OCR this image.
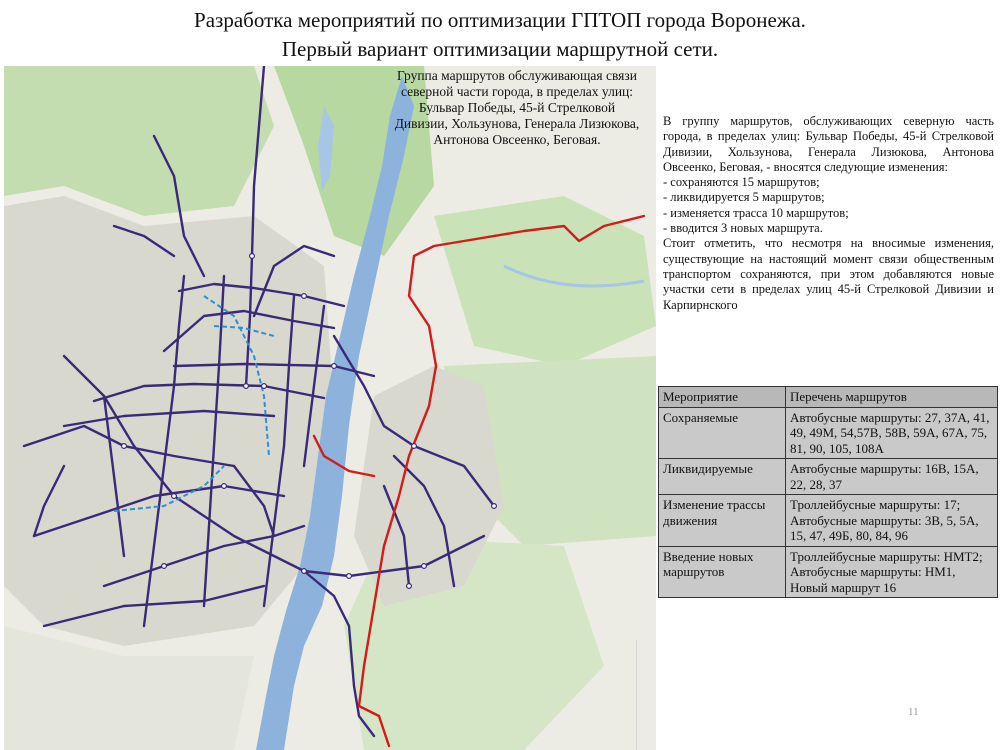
Разработка мероприятий по оптимизации ГПТОП города Воронежа.
Первый вариант оптимизации маршрутной сети.
Группа маршрутов обслуживающая связи
северной части города, в пределах улиц:
Бульвар Победы, 45-й Стрелковой
Дивизии, Хользунова, Генерала Лизюкова,
Антонова Овсеенко, Беговая.

В группу маршрутов, обслуживающих северную часть города, в пределах улиц: Бульвар Победы, 45-й Стрелковой Дивизии, Хользунова, Генерала Лизюкова, Антонова Овсеенко, Беговая, - вносятся следующие изменения:

- сохраняются 15 маршрутов;

- ликвидируется 5 маршрутов;

- изменяется трасса 10 маршрутов;

- вводится 3 новых маршрута.

Стоит отметить, что несмотря на вносимые изменения, существующие на настоящий момент связи общественным транспортом сохраняются, при этом добавляются новые участки сети в пределах улиц 45-й Стрелковой Дивизии и Карпирнского

Мероприятие	Перечень маршрутов
Сохраняемые	Автобусные маршруты: 27, 37А, 41, 49, 49М, 54,57В, 58В, 59А, 67А, 75, 81, 90, 105, 108А
Ликвидируемые	Автобусные маршруты: 16В, 15А, 22, 28, 37
Изменение трассы движения	Троллейбусные маршруты: 17; Автобусные маршруты: 3В, 5, 5А, 15, 47, 49Б, 80, 84, 96
Введение новых маршрутов	Троллейбусные маршруты: НМТ2; Автобусные маршруты: НМ1, Новый маршрут 16
11
